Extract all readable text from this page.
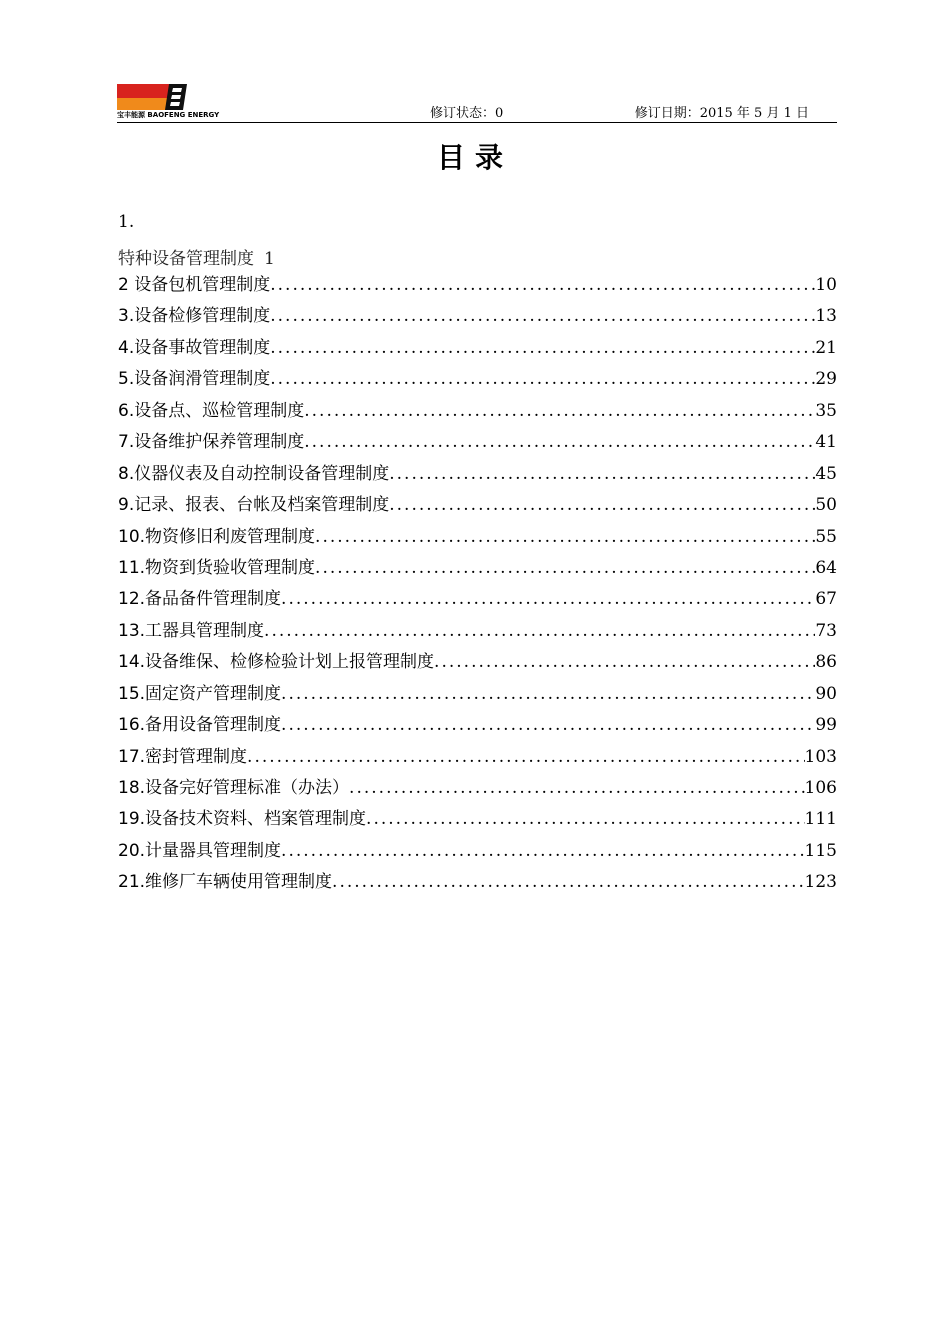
宝丰能源 BAOFENG ENERGY	修订状态：0	修订日期：2015 年 5 月 1 日
目录
1.
特种设备管理制度 1
2 设备包机管理制度 .....	10
3.设备检修管理制度 .....	13
4.设备事故管理制度 .....	21
5.设备润滑管理制度 .....	29
6.设备点、巡检管理制度 .....	35
7.设备维护保养管理制度 .....	41
8.仪器仪表及自动控制设备管理制度 .....	45
9.记录、报表、台帐及档案管理制度 .....	50
10.物资修旧利废管理制度 .....	55
11.物资到货验收管理制度 .....	64
12.备品备件管理制度 .....	67
13.工器具管理制度 .....	73
14.设备维保、检修检验计划上报管理制度 .....	86
15.固定资产管理制度 .....	90
16.备用设备管理制度 .....	99
17.密封管理制度 .....	103
18.设备完好管理标准（办法） .....	106
19.设备技术资料、档案管理制度 .....	111
20.计量器具管理制度 .....	115
21.维修厂车辆使用管理制度 .....	123
